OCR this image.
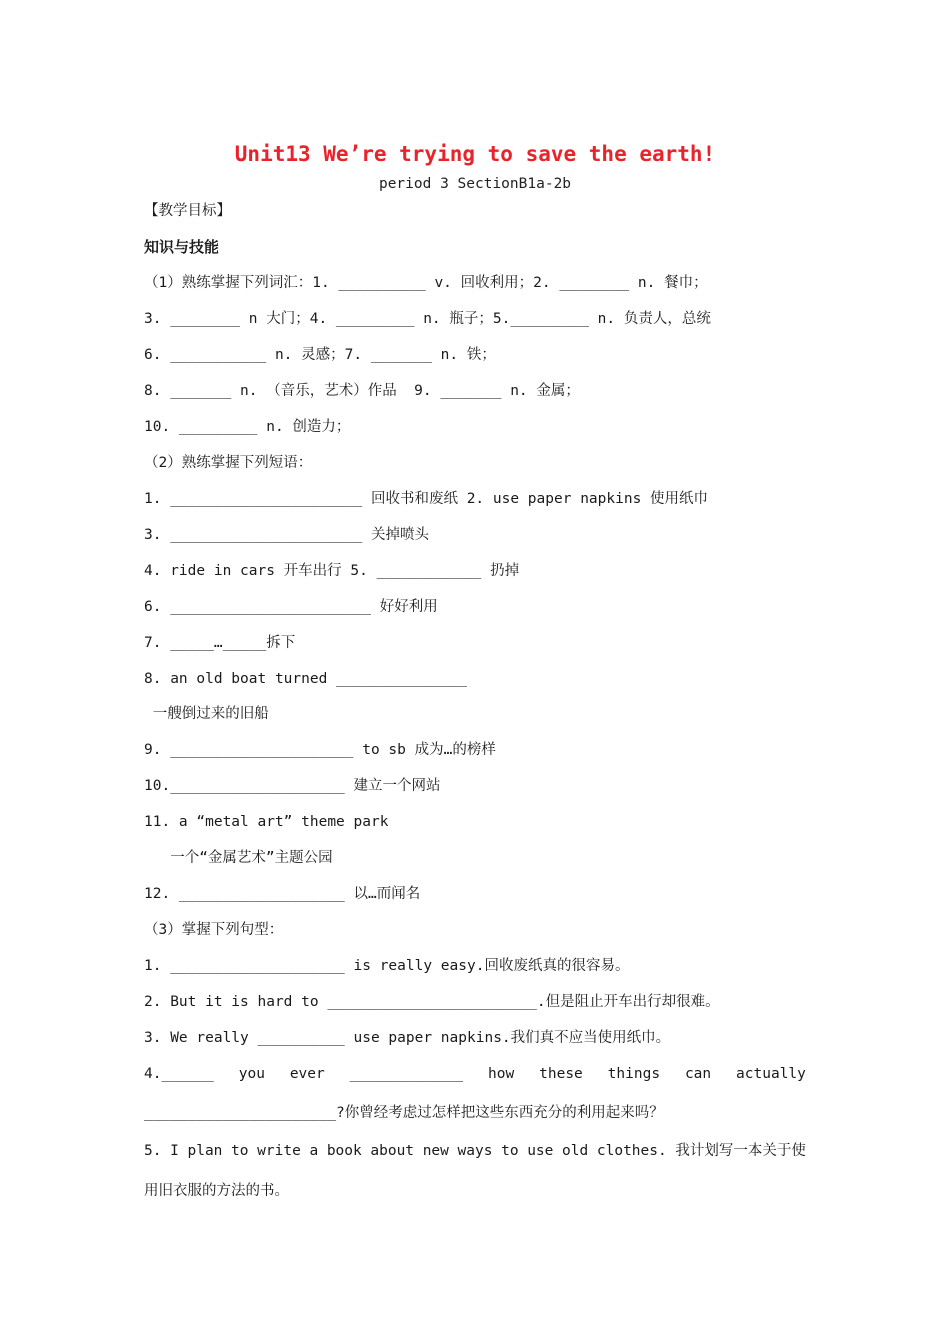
Unit13 We’re trying to save the earth!
period 3 SectionB1a-2b
【教学目标】
知识与技能
（1）熟练掌握下列词汇：1. __________ v. 回收利用；2. ________ n. 餐巾；
3. ________ n 大门；4. _________ n. 瓶子；5._________ n. 负责人，总统
6. ___________ n. 灵感；7. _______ n. 铁；
8. _______ n. （音乐，艺术）作品  9. _______ n. 金属；
10. _________ n. 创造力；
（2）熟练掌握下列短语：
1. ______________________ 回收书和废纸 2. use paper napkins 使用纸巾
3. ______________________ 关掉喷头
4. ride in cars 开车出行 5. ____________ 扔掉
6. _______________________ 好好利用
7. _____…_____拆下
8. an old boat turned _______________
一艘倒过来的旧船
9. _____________________ to sb 成为…的榜样
10.____________________ 建立一个网站
11. a “metal art” theme park
一个“金属艺术”主题公园
12. ___________________ 以…而闻名
（3）掌握下列句型：
1. ____________________ is really easy.回收废纸真的很容易。
2. But it is hard to ________________________.但是阻止开车出行却很难。
3. We really __________ use paper napkins.我们真不应当使用纸巾。
4.______ you ever _____________ how these things can actually
______________________?你曾经考虑过怎样把这些东西充分的利用起来吗？
5. I plan to write a book about new ways to use old clothes. 我计划写一本关于使
用旧衣服的方法的书。
